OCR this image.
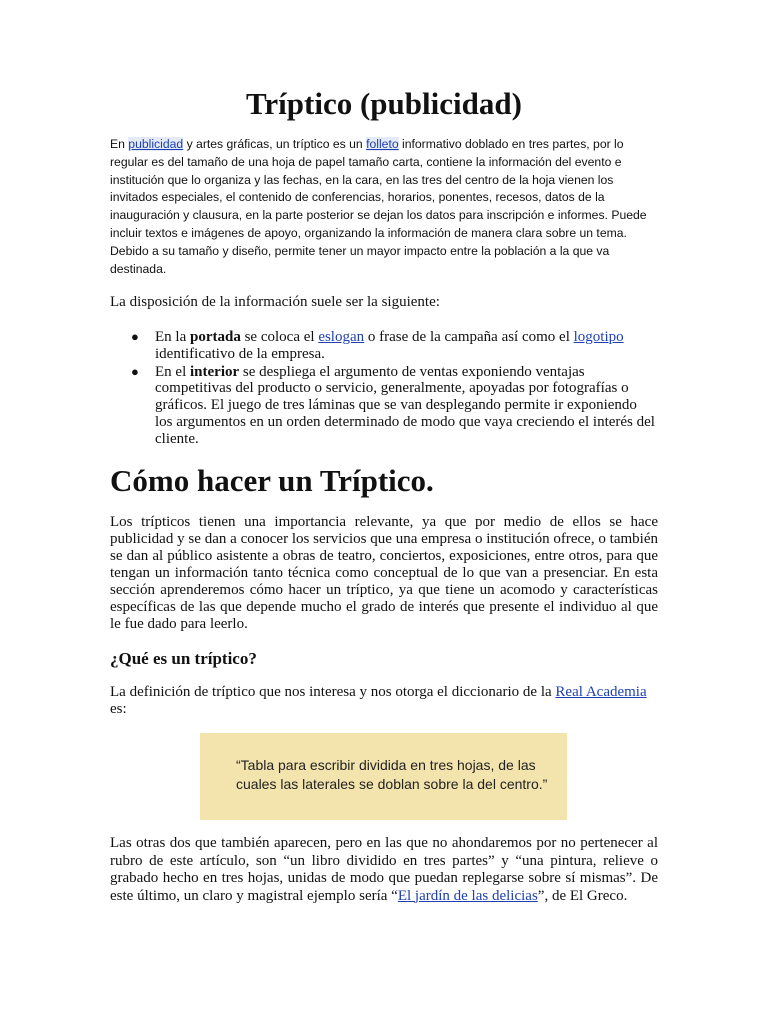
Tríptico (publicidad)
En publicidad y artes gráficas, un tríptico es un folleto informativo doblado en tres partes, por lo regular es del tamaño de una hoja de papel tamaño carta, contiene la información del evento e institución que lo organiza y las fechas, en la cara, en las tres del centro de la hoja vienen los invitados especiales, el contenido de conferencias, horarios, ponentes, recesos, datos de la inauguración y clausura, en la parte posterior se dejan los datos para inscripción e informes. Puede incluir textos e imágenes de apoyo, organizando la información de manera clara sobre un tema. Debido a su tamaño y diseño, permite tener un mayor impacto entre la población a la que va destinada.
La disposición de la información suele ser la siguiente:
● En la portada se coloca el eslogan o frase de la campaña así como el logotipo identificativo de la empresa.
● En el interior se despliega el argumento de ventas exponiendo ventajas competitivas del producto o servicio, generalmente, apoyadas por fotografías o gráficos. El juego de tres láminas que se van desplegando permite ir exponiendo los argumentos en un orden determinado de modo que vaya creciendo el interés del cliente.
Cómo hacer un Tríptico.
Los trípticos tienen una importancia relevante, ya que por medio de ellos se hace publicidad y se dan a conocer los servicios que una empresa o institución ofrece, o también se dan al público asistente a obras de teatro, conciertos, exposiciones, entre otros, para que tengan un información tanto técnica como conceptual de lo que van a presenciar. En esta sección aprenderemos cómo hacer un tríptico, ya que tiene un acomodo y características específicas de las que depende mucho el grado de interés que presente el individuo al que le fue dado para leerlo.
¿Qué es un tríptico?
La definición de tríptico que nos interesa y nos otorga el diccionario de la Real Academia
es:
“Tabla para escribir dividida en tres hojas, de las cuales las laterales se doblan sobre la del centro.”
Las otras dos que también aparecen, pero en las que no ahondaremos por no pertenecer al rubro de este artículo, son “un libro dividido en tres partes” y “una pintura, relieve o grabado hecho en tres hojas, unidas de modo que puedan replegarse sobre sí mismas”. De este último, un claro y magistral ejemplo sería “El jardín de las delicias”, de El Greco.
